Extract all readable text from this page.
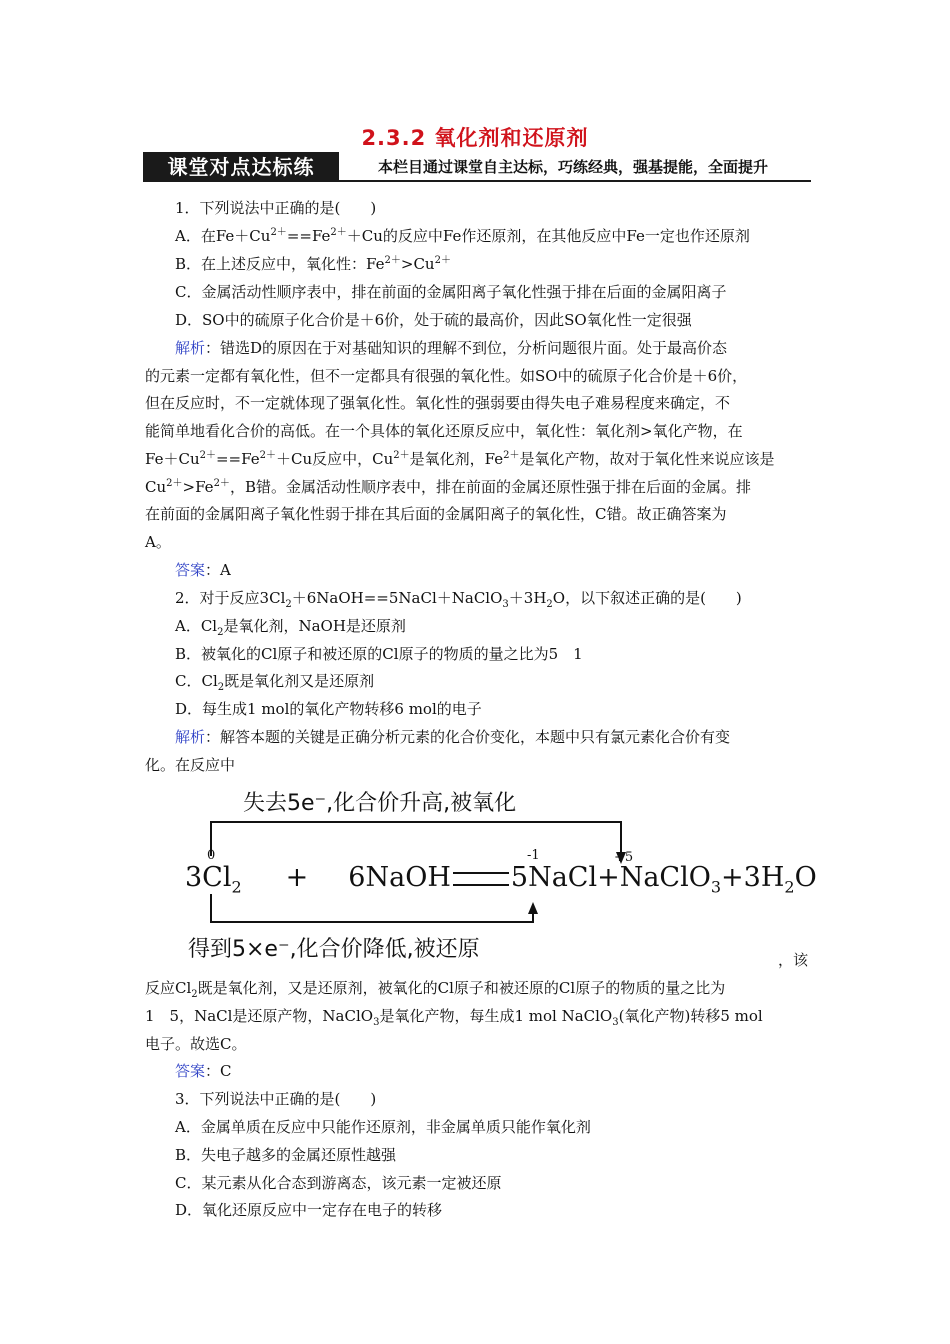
2.3.2 氧化剂和还原剂
课堂对点达标练	本栏目通过课堂自主达标，巧练经典，强基提能，全面提升
1．下列说法中正确的是(　　)
A．在$Fe+Cu^{2+}==Fe^{2+}+Cu$的反应中Fe作还原剂，在其他反应中Fe一定也作还原剂
B．在上述反应中，氧化性：$Fe^{2+}>Cu^{2+}$
C．金属活动性顺序表中，排在前面的金属阳离子氧化性强于排在后面的金属阳离子
D．SO中的硫原子化合价是＋6价，处于硫的最高价，因此SO氧化性一定很强
解析：错选D的原因在于对基础知识的理解不到位，分析问题很片面。处于最高价态
的元素一定都有氧化性，但不一定都具有很强的氧化性。如SO中的硫原子化合价是＋6价，
但在反应时，不一定就体现了强氧化性。氧化性的强弱要由得失电子难易程度来确定，不
能简单地看化合价的高低。在一个具体的氧化还原反应中，氧化性：氧化剂>氧化产物，在
$Fe+Cu^{2+}==Fe^{2+}+Cu$反应中，$Cu^{2+}$是氧化剂，$Fe^{2+}$是氧化产物，故对于氧化性来说应该是
$Cu^{2+}>Fe^{2+}$，B错。金属活动性顺序表中，排在前面的金属还原性强于排在后面的金属。排
在前面的金属阳离子氧化性弱于排在其后面的金属阳离子的氧化性，C错。故正确答案为
A。
答案：A
2．对于反应$3Cl_2+6NaOH==5NaCl+NaClO_3+3H_2O$，以下叙述正确的是(　　)
A．$Cl_2$是氧化剂，NaOH是还原剂
B．被氧化的Cl原子和被还原的Cl原子的物质的量之比为5　1
C．$Cl_2$既是氧化剂又是还原剂
D．每生成1 mol的氧化产物转移6 mol的电子
解析：解答本题的关键是正确分析元素的化合价变化，本题中只有氯元素化合价有变
化。在反应中
失去5e⁻,化合价升高,被氧化
0	-1	+5
$3Cl_2$ + 6NaOH $5NaCl+NaClO_3+3H_2O$
得到5×e⁻,化合价降低,被还原	，该
反应$Cl_2$既是氧化剂，又是还原剂，被氧化的Cl原子和被还原的Cl原子的物质的量之比为
1　5，NaCl是还原产物，NaClO$_3$是氧化产物，每生成1 mol NaClO$_3$(氧化产物)转移5 mol
电子。故选C。
答案：C
3．下列说法中正确的是(　　)
A．金属单质在反应中只能作还原剂，非金属单质只能作氧化剂
B．失电子越多的金属还原性越强
C．某元素从化合态到游离态，该元素一定被还原
D．氧化还原反应中一定存在电子的转移
